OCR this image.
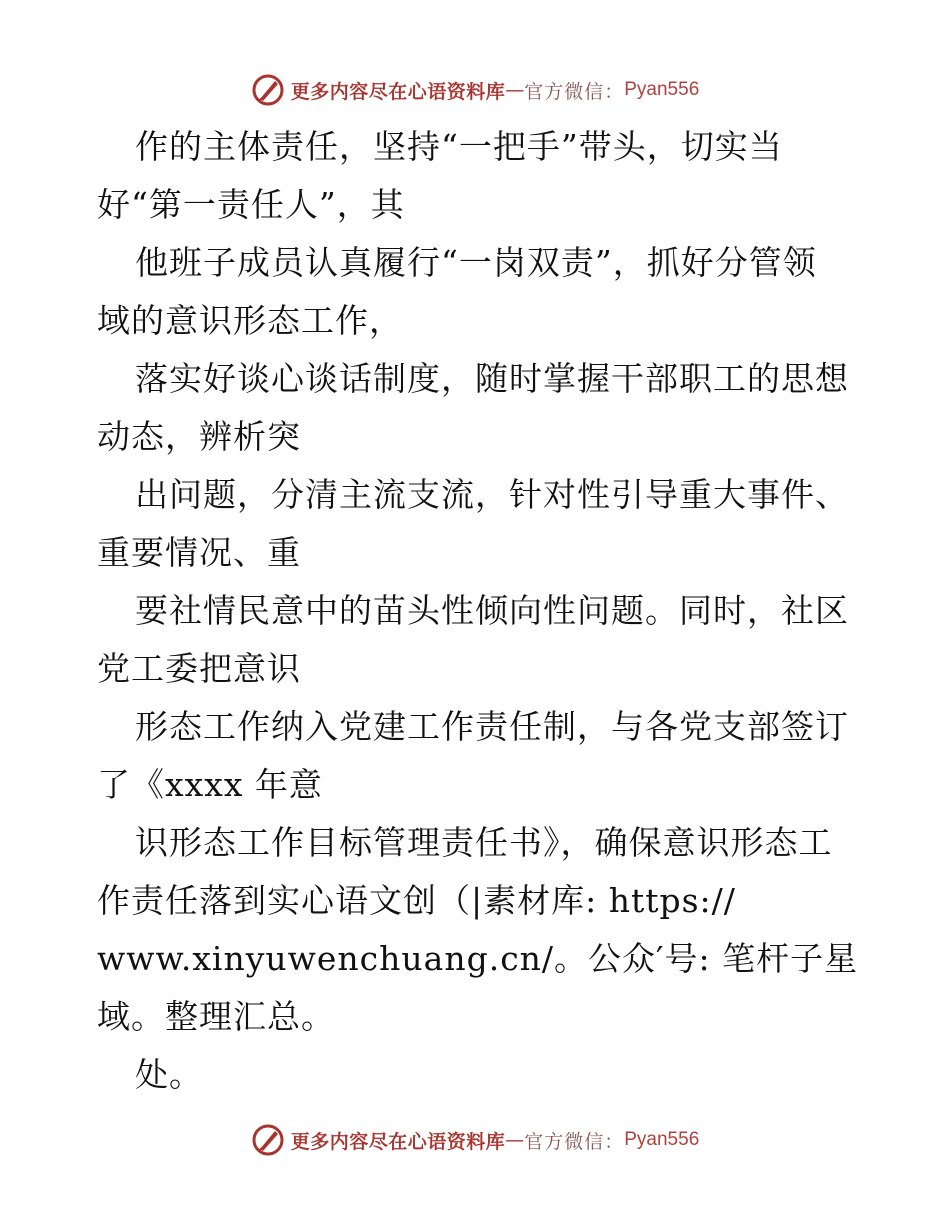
更多内容尽在心语资料库 — 官方微信： Pyan556
作的主体责任，坚持“一把手”带头，切实当
好“第一责任人”，其
他班子成员认真履行“一岗双责”，抓好分管领
域的意识形态工作，
落实好谈心谈话制度，随时掌握干部职工的思想
动态，辨析突
出问题，分清主流支流，针对性引导重大事件、
重要情况、重
要社情民意中的苗头性倾向性问题。同时，社区
党工委把意识
形态工作纳入党建工作责任制，与各党支部签订
了《xxxx 年意
识形态工作目标管理责任书》，确保意识形态工
作责任落到实心语文创（|素材库: https://
www.xinyuwenchuang.cn/。公众′号: 笔杆子星
域。整理汇总。
处。
更多内容尽在心语资料库 — 官方微信： Pyan556
